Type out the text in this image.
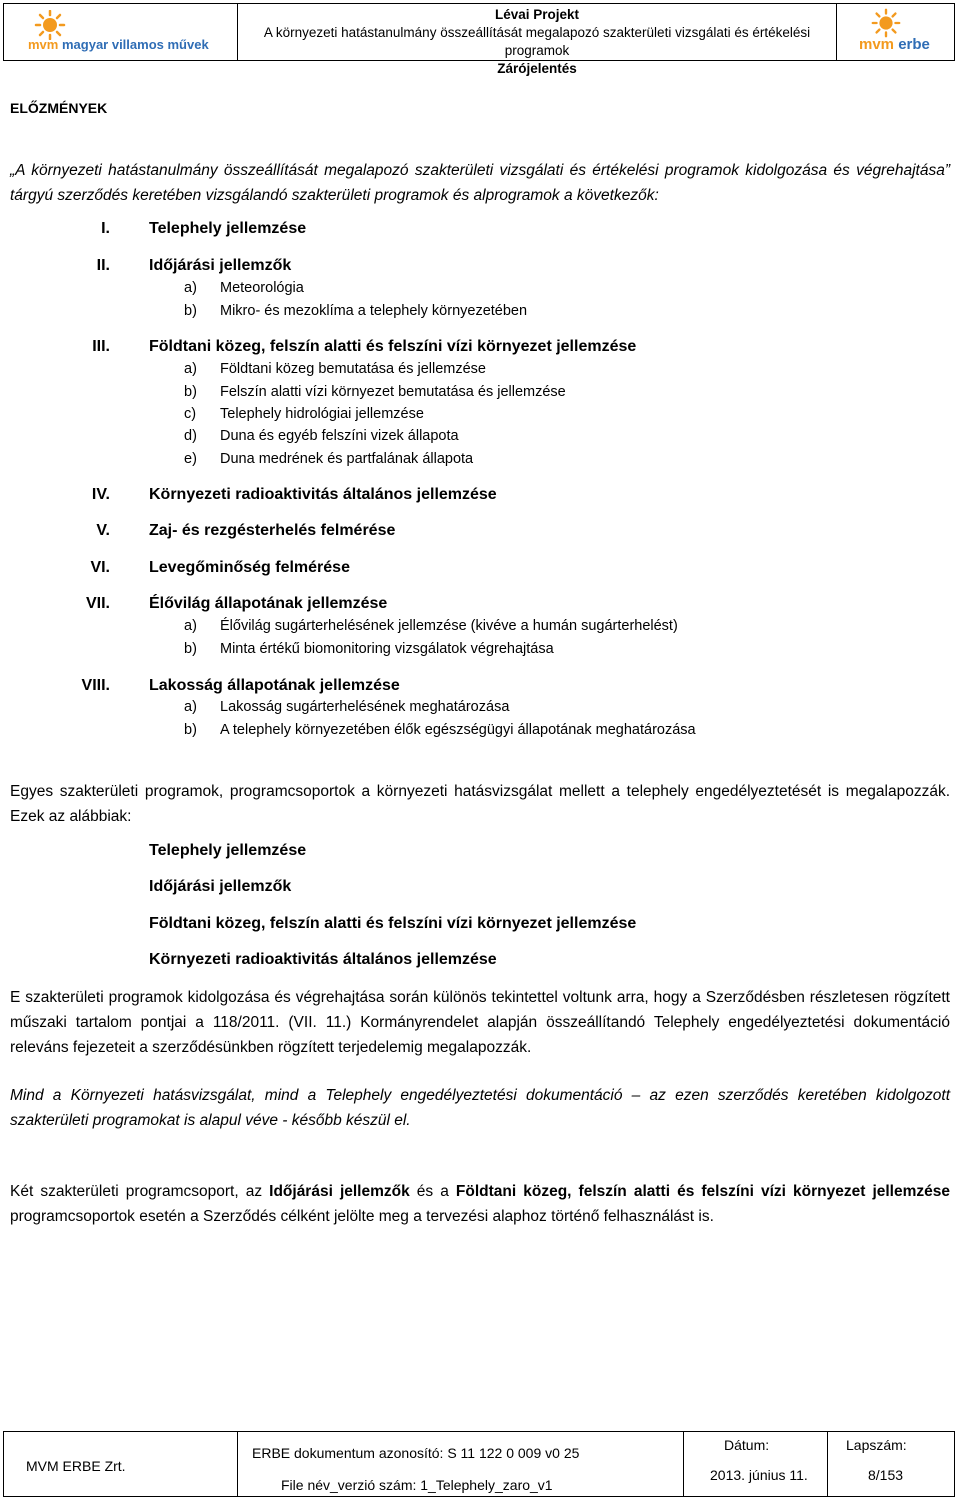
mvm magyar villamos művek
Lévai Projekt
A környezeti hatástanulmány összeállítását megalapozó szakterületi vizsgálati és értékelési programok
Zárójelentés
mvm erbe
ELŐZMÉNYEK
„A környezeti hatástanulmány összeállítását megalapozó szakterületi vizsgálati és értékelési programok kidolgozása és végrehajtása” tárgyú szerződés keretében vizsgálandó szakterületi programok és alprogramok a következők:
I. Telephely jellemzése
II. Időjárási jellemzők
a)	Meteorológia
b)	Mikro- és mezoklíma a telephely környezetében
III. Földtani közeg, felszín alatti és felszíni vízi környezet jellemzése
a)	Földtani közeg bemutatása és jellemzése
b)	Felszín alatti vízi környezet bemutatása és jellemzése
c)	Telephely hidrológiai jellemzése
d)	Duna és egyéb felszíni vizek állapota
e)	Duna medrének és partfalának állapota
IV. Környezeti radioaktivitás általános jellemzése
V. Zaj- és rezgésterhelés felmérése
VI. Levegőminőség felmérése
VII. Élővilág állapotának jellemzése
a)	Élővilág sugárterhelésének jellemzése (kivéve a humán sugárterhelést)
b)	Minta értékű biomonitoring vizsgálatok végrehajtása
VIII. Lakosság állapotának jellemzése
a)	Lakosság sugárterhelésének meghatározása
b)	A telephely környezetében élők egészségügyi állapotának meghatározása
Egyes szakterületi programok, programcsoportok a környezeti hatásvizsgálat mellett a telephely engedélyeztetését is megalapozzák. Ezek az alábbiak:
Telephely jellemzése
Időjárási jellemzők
Földtani közeg, felszín alatti és felszíni vízi környezet jellemzése
Környezeti radioaktivitás általános jellemzése
E szakterületi programok kidolgozása és végrehajtása során különös tekintettel voltunk arra, hogy a Szerződésben részletesen rögzített műszaki tartalom pontjai a 118/2011. (VII. 11.) Kormányrendelet alapján összeállítandó Telephely engedélyeztetési dokumentáció releváns fejezeteit a szerződésünkben rögzített terjedelemig megalapozzák.
Mind a Környezeti hatásvizsgálat, mind a Telephely engedélyeztetési dokumentáció – az ezen szerződés keretében kidolgozott szakterületi programokat is alapul véve - később készül el.
Két szakterületi programcsoport, az Időjárási jellemzők és a Földtani közeg, felszín alatti és felszíni vízi környezet jellemzése programcsoportok esetén a Szerződés célként jelölte meg a tervezési alaphoz történő felhasználást is.
MVM ERBE Zrt.
ERBE dokumentum azonosító: S 11 122 0 009 v0 25
File név_verzió szám: 1_Telephely_zaro_v1
Dátum:
2013. június 11.
Lapszám:
8/153
